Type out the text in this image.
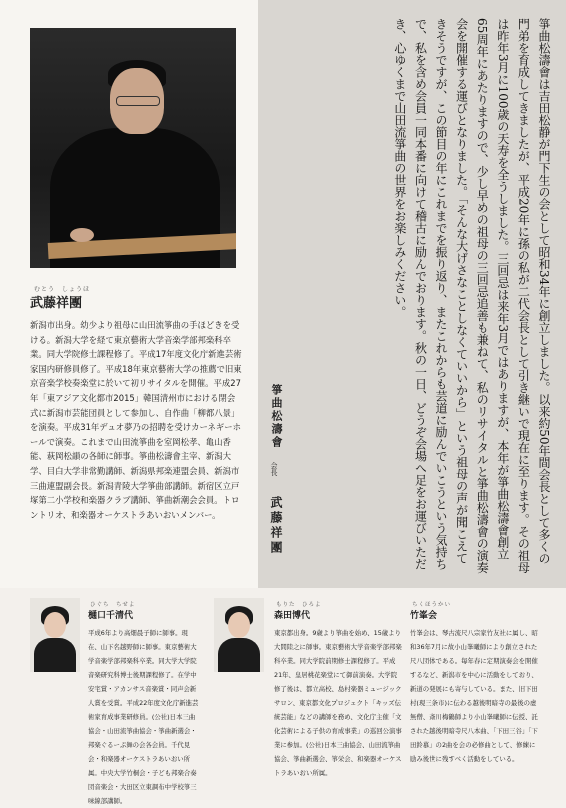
むとう　しょうほ
武藤祥團
新潟市出身。幼少より祖母に山田流箏曲の手ほどきを受ける。新潟大学を経て東京藝術大学音楽学部邦楽科卒業。同大学院修士課程修了。平成17年度文化庁新進芸術家国内研修員修了。平成18年東京藝術大学の推薦で旧東京音楽学校奏楽堂に於いて初リサイタルを開催。平成27年「東アジア文化都市2015」韓国清州市における閉会式に新潟市芸能団員として参加し、自作曲「柳都八景」を演奏。平成31年デュオ夢乃の招聘を受けカーネギーホールで演奏。これまで山田流箏曲を室岡松孝、亀山香能、萩岡松韻の各師に師事。箏曲松濤會主宰、新潟大学、目白大学非常勤講師、新潟県邦楽連盟会員、新潟市三曲連盟副会長。新潟青陵大学箏曲部講師。新宿区立戸塚第二小学校和楽器クラブ講師、箏曲新潮会会員。トロントリオ、和楽器オーケストラあいおいメンバー。	箏曲松濤會は吉田松静が門下生の会として昭和34年に創立しました。以来約50年間会長として多くの門弟を育成してきましたが、平成20年に孫の私が二代会長として引き継いで現在に至ります。その祖母は昨年3月に100歳の天寿を全うしました。三回忌は来年3月ではありますが、本年が箏曲松濤會創立65周年にあたりますので、少し早めの祖母の三回忌追善も兼ねて、私のリサイタルと箏曲松濤會の演奏会を開催する運びとなりました。「そんな大げさなことしなくていいから」という祖母の声が聞こえてきそうですが、この節目の年にこれまでを振り返り、またこれからも芸道に励んでいこうという気持ちで、私を含め会員一同本番に向けて稽古に励んでおります。秋の一日、どうぞ会場へ足をお運びいただき、心ゆくまで山田流箏曲の世界をお楽しみください。
箏曲松濤會
会長
武藤祥團
ひぐち　ちせよ
樋口千清代
平成6年より高畑晨子師に師事。現在、山下名越野師に師事。東京藝術大学音楽学部邦楽科卒業。同大学大学院音楽研究科博士後期課程修了。在学中安宅賞・アカンサス音楽賞・同声会新人賞を受賞。平成22年度文化庁新進芸術家育成事業研修員。(公社)日本三曲協会・山田流箏曲協会・箏曲新選会・邦楽ぐるーぷ舞の会各会員。千代見会・和楽器オーケストラあいおい所属。中央大学竹桐会・子ども邦楽合奏団音楽会・大田区立東調布中学校箏三味線部講師。
もりた　ひろよ
森田博代
東京都出身。9歳より箏曲を始め、15歳より大間陸之に師事。東京藝術大学音楽学部邦楽科卒業。同大学院前期修士課程修了。平成21年、皇居桃花楽堂にて御前演奏。大学院修了後は、都立高校、島村楽器ミュージックサロン、東京都文化プロジェクト「キッズ伝統芸能」などの講師を務め、文化庁主催「文化芸術による子供の育成事業」の巡回公演事業に参加。(公社)日本三曲協会、山田流箏曲協会、箏曲新選会、箏栄会、和楽器オーケストラあいおい所属。
ちくほうかい
竹峯会
竹峯会は、琴古流尺八宗家竹友社に属し、昭和36年7月に故小山峯曦師により創立された尺八団体である。毎年春に定期演奏会を開催するなど、新潟市を中心に活動をしており、新道の発展にも寄与している。また、旧下田村(現三条市)に伝わる越後明暗寺の最後の虚無僧、斎川梅鶴師より小山峯曦師に伝授、託された越後明暗寺尺八本曲、「下田三谷」「下田鈴慕」の2曲を会の必修曲として、修練に励み後世に残すべく活動をしている。
